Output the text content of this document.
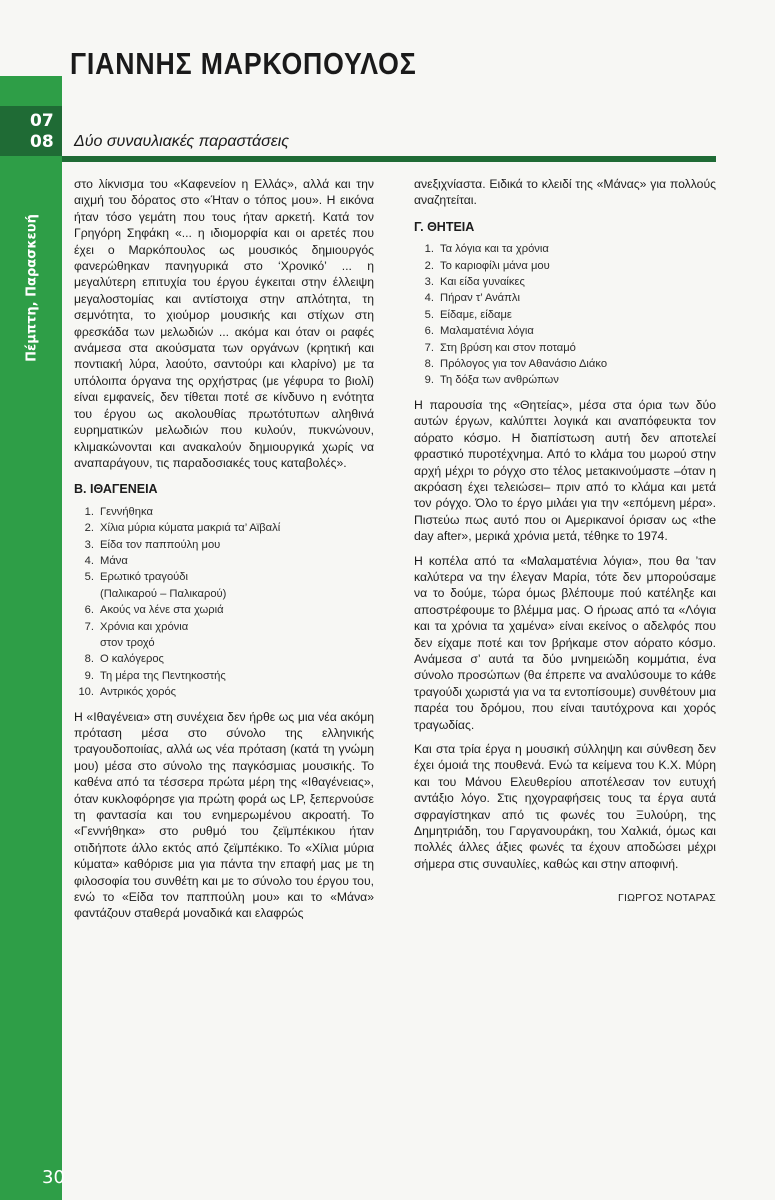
ΓΙΑΝΝΗΣ ΜΑΡΚΟΠΟΥΛΟΣ
07
08
Πέμπτη, Παρασκευή
Δύο συναυλιακές παραστάσεις

στο λίκνισμα του «Καφενείον η Ελλάς», αλλά και την αιχμή του δόρατος στο «Ήταν ο τόπος μου». Η εικόνα ήταν τόσο γεμάτη που τους ήταν αρκετή. Κατά τον Γρηγόρη Σηφάκη «... η ιδιομορφία και οι αρετές που έχει ο Μαρκόπουλος ως μουσικός δημιουργός φανερώθηκαν πανηγυρικά στο ‘Χρονικό’ ... η μεγαλύτερη επιτυχία του έργου έγκειται στην έλλειψη μεγαλοστομίας και αντίστοιχα στην απλότητα, τη σεμνότητα, το χιούμορ μουσικής και στίχων στη φρεσκάδα των μελωδιών ... ακόμα και όταν οι ραφές ανάμεσα στα ακούσματα των οργάνων (κρητική και ποντιακή λύρα, λαούτο, σαντούρι και κλαρίνο) με τα υπόλοιπα όργανα της ορχήστρας (με γέφυρα το βιολί) είναι εμφανείς, δεν τίθεται ποτέ σε κίνδυνο η ενότητα του έργου ως ακολουθίας πρωτότυπων αληθινά ευρηματικών μελωδιών που κυλούν, πυκνώνουν, κλιμακώνονται και ανακαλούν δημιουργικά χωρίς να αναπαράγουν, τις παραδοσιακές τους καταβολές».

Β. ΙΘΑΓΕΝΕΙΑ
1. Γεννήθηκα
2. Χίλια μύρια κύματα μακριά τα’ Αϊβαλί
3. Είδα τον παππούλη μου
4. Μάνα
5. Ερωτικό τραγούδι
(Παλικαρού – Παλικαρού)
6. Ακούς να λένε στα χωριά
7. Χρόνια και χρόνια
στον τροχό
8. Ο καλόγερος
9. Τη μέρα της Πεντηκοστής
10. Αντρικός χορός

Η «Ιθαγένεια» στη συνέχεια δεν ήρθε ως μια νέα ακόμη πρόταση μέσα στο σύνολο της ελληνικής τραγουδοποιίας, αλλά ως νέα πρόταση (κατά τη γνώμη μου) μέσα στο σύνολο της παγκόσμιας μουσικής. Το καθένα από τα τέσσερα πρώτα μέρη της «Ιθαγένειας», όταν κυκλοφόρησε για πρώτη φορά ως LP, ξεπερνούσε τη φαντασία και του ενημερωμένου ακροατή. Το «Γεννήθηκα» στο ρυθμό του ζεϊμπέκικου ήταν οτιδήποτε άλλο εκτός από ζεϊμπέκικο. Το «Χίλια μύρια κύματα» καθόρισε μια για πάντα την επαφή μας με τη φιλοσοφία του συνθέτη και με το σύνολο του έργου του, ενώ το «Είδα τον παππούλη μου» και το «Μάνα» φαντάζουν σταθερά μοναδικά και ελαφρώς

ανεξιχνίαστα. Ειδικά το κλειδί της «Μάνας» για πολλούς αναζητείται.

Γ. ΘΗΤΕΙΑ
1. Τα λόγια και τα χρόνια
2. Το καριοφίλι μάνα μου
3. Και είδα γυναίκες
4. Πήραν τ’ Ανάπλι
5. Είδαμε, είδαμε
6. Μαλαματένια λόγια
7. Στη βρύση και στον ποταμό
8. Πρόλογος για τον Αθανάσιο Διάκο
9. Τη δόξα των ανθρώπων

Η παρουσία της «Θητείας», μέσα στα όρια των δύο αυτών έργων, καλύπτει λογικά και αναπόφευκτα τον αόρατο κόσμο. Η διαπίστωση αυτή δεν αποτελεί φραστικό πυροτέχνημα. Από το κλάμα του μωρού στην αρχή μέχρι το ρόγχο στο τέλος μετακινούμαστε –όταν η ακρόαση έχει τελειώσει– πριν από το κλάμα και μετά τον ρόγχο. Όλο το έργο μιλάει για την «επόμενη μέρα». Πιστεύω πως αυτό που οι Αμερικανοί όρισαν ως «the day after», μερικά χρόνια μετά, τέθηκε το 1974.

Η κοπέλα από τα «Μαλαματένια λόγια», που θα ’ταν καλύτερα να την έλεγαν Μαρία, τότε δεν μπορούσαμε να το δούμε, τώρα όμως βλέπουμε πού κατέληξε και αποστρέφουμε το βλέμμα μας. Ο ήρωας από τα «Λόγια και τα χρόνια τα χαμένα» είναι εκείνος ο αδελφός που δεν είχαμε ποτέ και τον βρήκαμε στον αόρατο κόσμο. Ανάμεσα σ’ αυτά τα δύο μνημειώδη κομμάτια, ένα σύνολο προσώπων (θα έπρεπε να αναλύσουμε το κάθε τραγούδι χωριστά για να τα εντοπίσουμε) συνθέτουν μια παρέα του δρόμου, που είναι ταυτόχρονα και χορός τραγωδίας.

Και στα τρία έργα η μουσική σύλληψη και σύνθεση δεν έχει όμοιά της πουθενά. Ενώ τα κείμενα του Κ.Χ. Μύρη και του Μάνου Ελευθερίου αποτέλεσαν τον ευτυχή αντάξιο λόγο. Στις ηχογραφήσεις τους τα έργα αυτά σφραγίστηκαν από τις φωνές του Ξυλούρη, της Δημητριάδη, του Γαργανουράκη, του Χαλκιά, όμως και πολλές άλλες άξιες φωνές τα έχουν αποδώσει μέχρι σήμερα στις συναυλίες, καθώς και στην αποφινή.

ΓΙΩΡΓΟΣ ΝΟΤΑΡΑΣ
30
